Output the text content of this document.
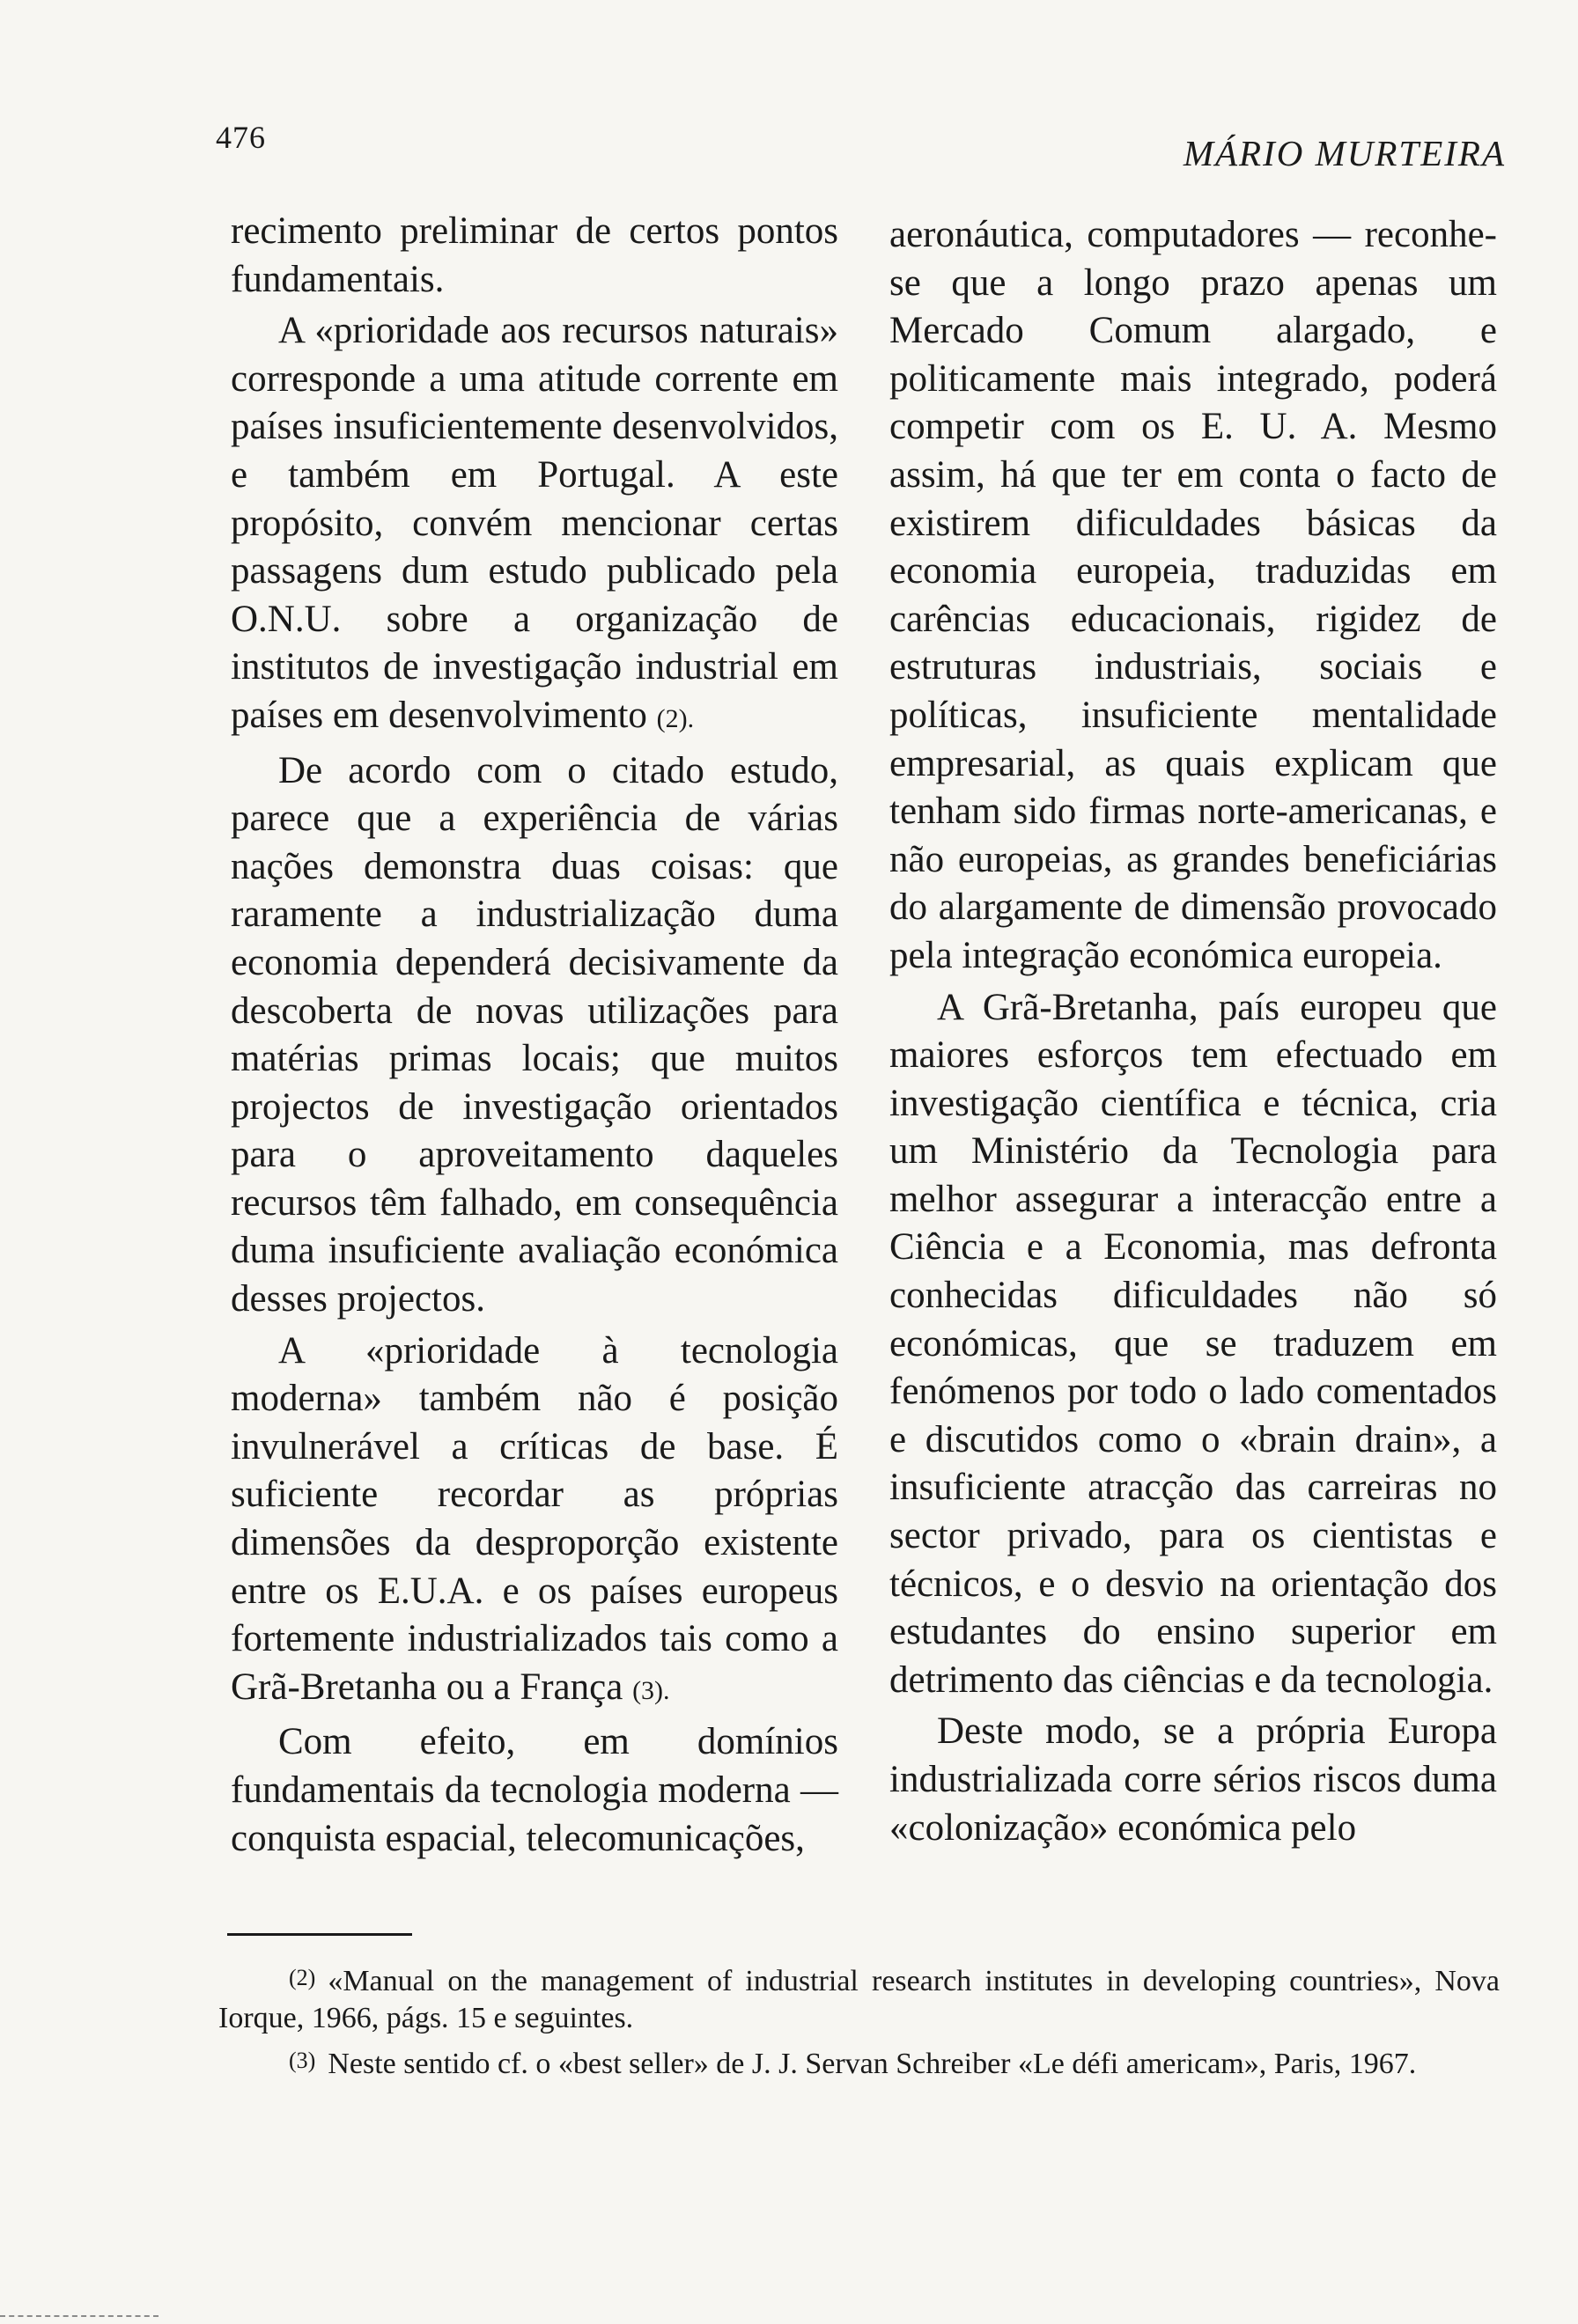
476	MÁRIO MURTEIRA

recimento preliminar de certos pontos fundamentais.

A «prioridade aos recursos naturais» corresponde a uma atitude corrente em países insuficientemente desenvolvidos, e também em Portugal. A este propósito, convém mencionar certas passagens dum estudo publicado pela O.N.U. sobre a organização de institutos de investigação industrial em países em desenvolvimento (2).

De acordo com o citado estudo, parece que a experiência de várias nações demonstra duas coisas: que raramente a industrialização duma economia dependerá decisivamente da descoberta de novas utilizações para matérias primas locais; que muitos projectos de investigação orientados para o aproveitamento daqueles recursos têm falhado, em consequência duma insuficiente avaliação económica desses projectos.

A «prioridade à tecnologia moderna» também não é posição invulnerável a críticas de base. É suficiente recordar as próprias dimensões da desproporção existente entre os E.U.A. e os países europeus fortemente industrializados tais como a Grã-Bretanha ou a França (3).

Com efeito, em domínios fundamentais da tecnologia moderna — conquista espacial, telecomunicações,

aeronáutica, computadores — reconhe-se que a longo prazo apenas um Mercado Comum alargado, e politicamente mais integrado, poderá competir com os E. U. A. Mesmo assim, há que ter em conta o facto de existirem dificuldades básicas da economia europeia, traduzidas em carências educacionais, rigidez de estruturas industriais, sociais e políticas, insuficiente mentalidade empresarial, as quais explicam que tenham sido firmas norte-americanas, e não europeias, as grandes beneficiárias do alargamente de dimensão provocado pela integração económica europeia.

A Grã-Bretanha, país europeu que maiores esforços tem efectuado em investigação científica e técnica, cria um Ministério da Tecnologia para melhor assegurar a interacção entre a Ciência e a Economia, mas defronta conhecidas dificuldades não só económicas, que se traduzem em fenómenos por todo o lado comentados e discutidos como o «brain drain», a insuficiente atracção das carreiras no sector privado, para os cientistas e técnicos, e o desvio na orientação dos estudantes do ensino superior em detrimento das ciências e da tecnologia.

Deste modo, se a própria Europa industrializada corre sérios riscos duma «colonização» económica pelo

(2) «Manual on the management of industrial research institutes in developing countries», Nova Iorque, 1966, págs. 15 e seguintes.

(3) Neste sentido cf. o «best seller» de J. J. Servan Schreiber «Le défi americam», Paris, 1967.
